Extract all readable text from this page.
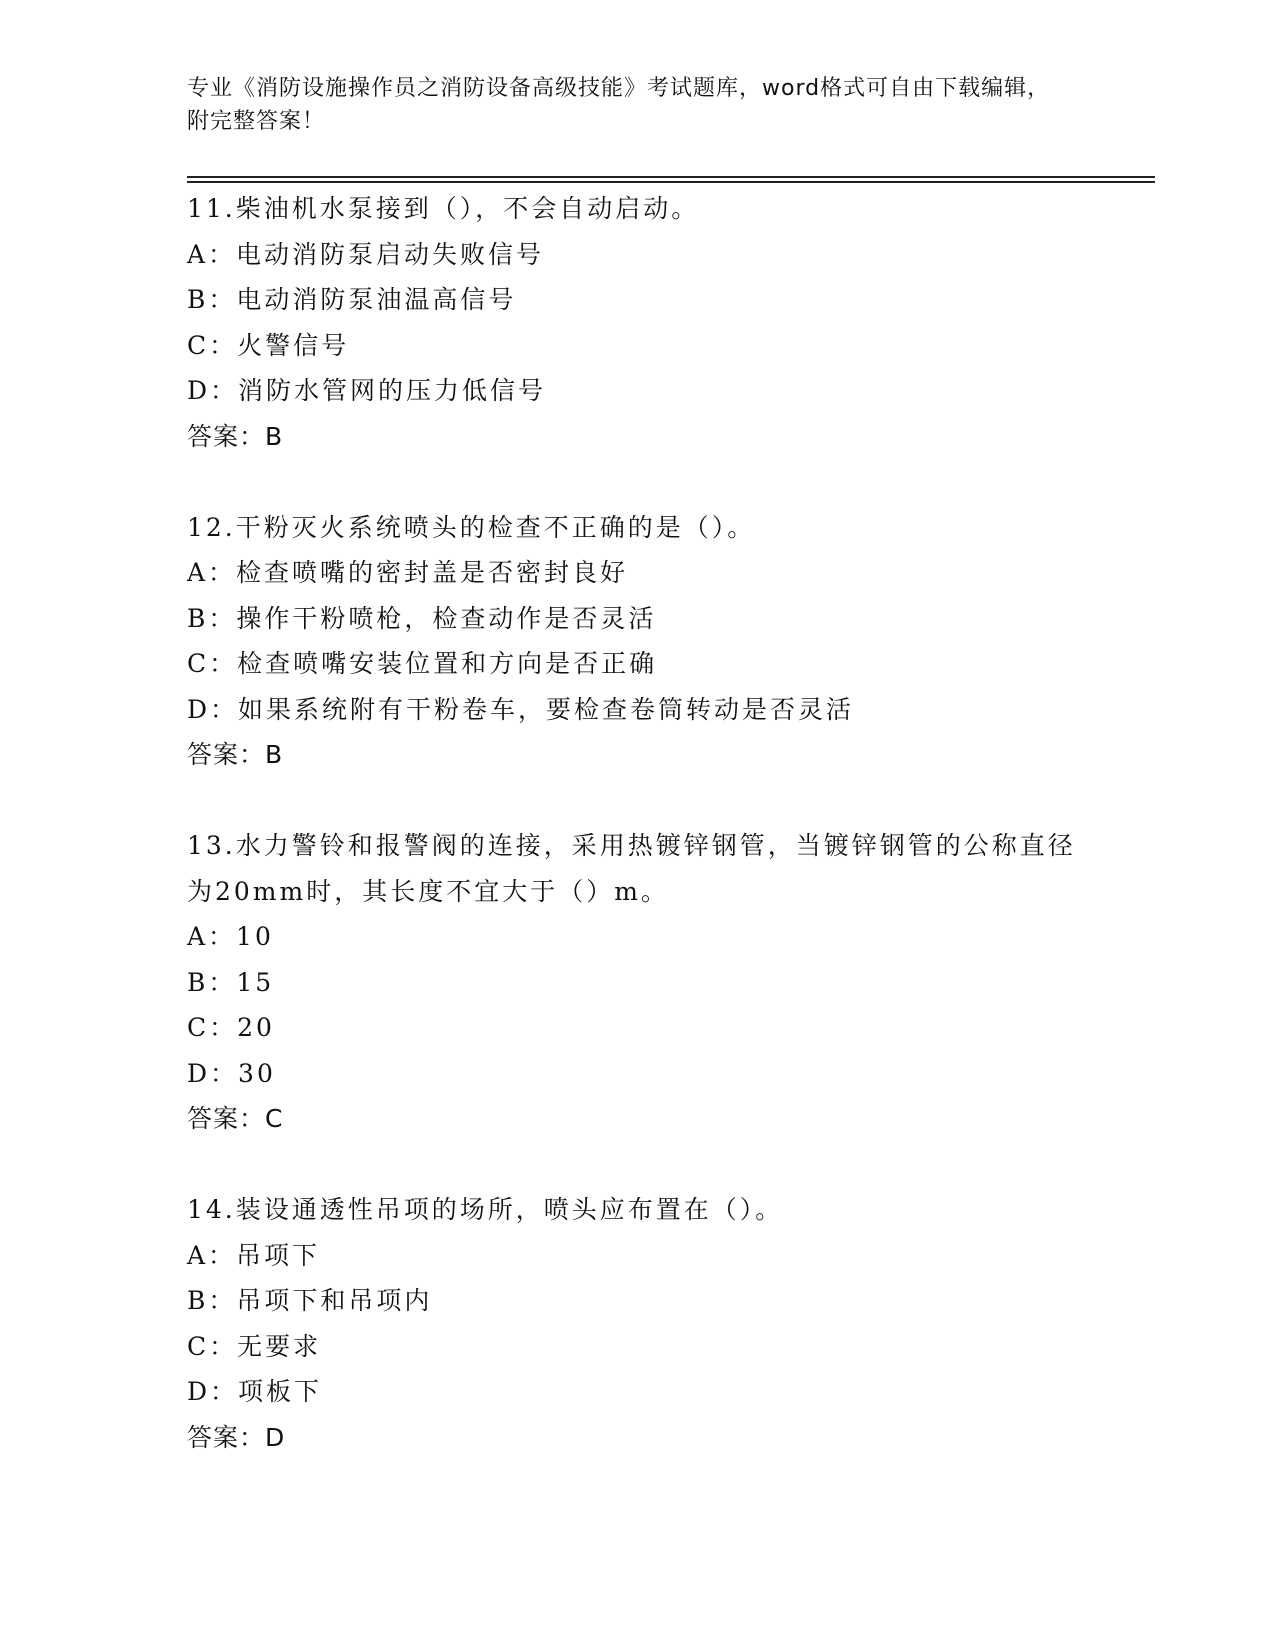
专业《消防设施操作员之消防设备高级技能》考试题库，word格式可自由下载编辑，附完整答案！
11.柴油机水泵接到（），不会自动启动。
A：电动消防泵启动失败信号
B：电动消防泵油温高信号
C：火警信号
D：消防水管网的压力低信号
答案：B
12.干粉灭火系统喷头的检查不正确的是（）。
A：检查喷嘴的密封盖是否密封良好
B：操作干粉喷枪，检查动作是否灵活
C：检查喷嘴安装位置和方向是否正确
D：如果系统附有干粉卷车，要检查卷筒转动是否灵活
答案：B
13.水力警铃和报警阀的连接，采用热镀锌钢管，当镀锌钢管的公称直径为20mm时，其长度不宜大于（）m。
A：10
B：15
C：20
D：30
答案：C
14.装设通透性吊项的场所，喷头应布置在（）。
A：吊项下
B：吊项下和吊项内
C：无要求
D：项板下
答案：D
